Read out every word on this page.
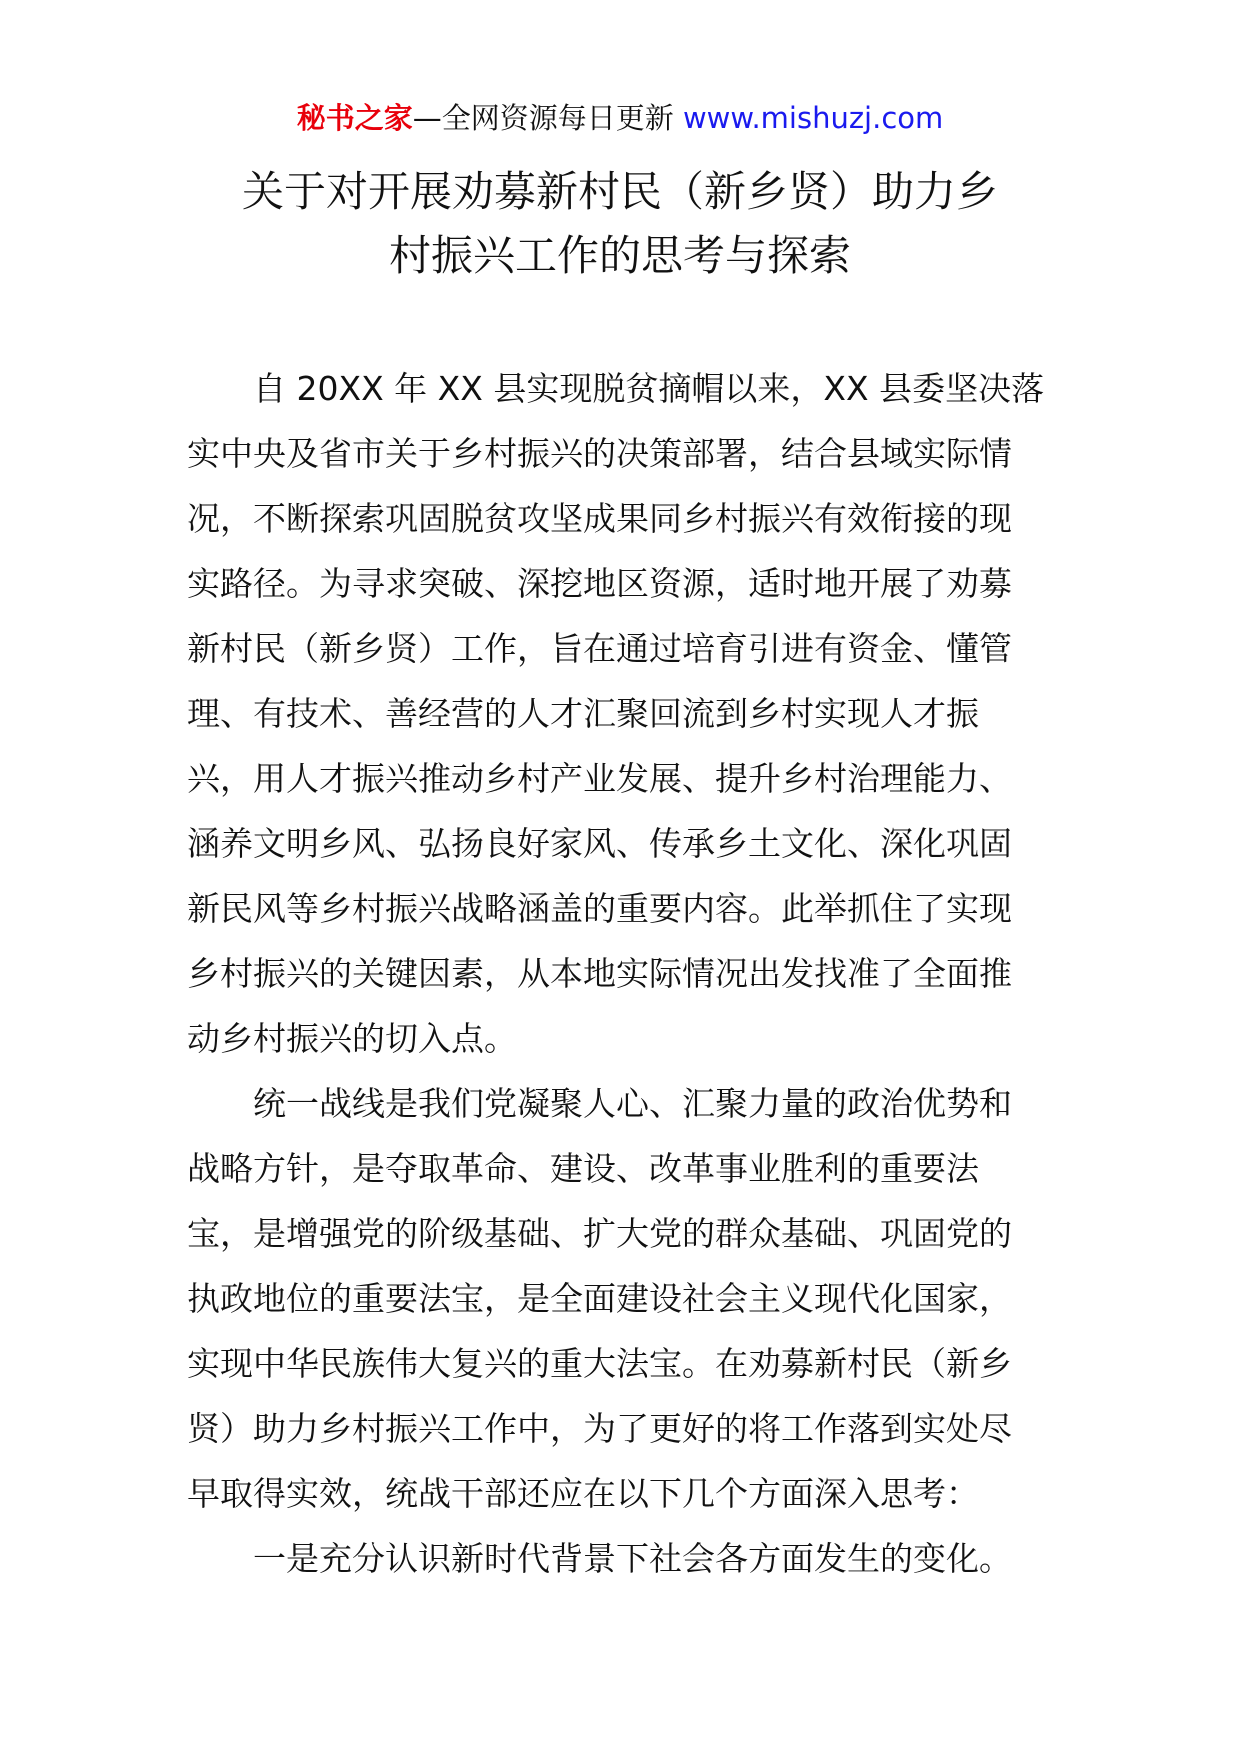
秘书之家—全网资源每日更新 www.mishuzj.com
关于对开展劝募新村民（新乡贤）助力乡
村振兴工作的思考与探索
自 20XX 年 XX 县实现脱贫摘帽以来，XX 县委坚决落
实中央及省市关于乡村振兴的决策部署，结合县域实际情
况，不断探索巩固脱贫攻坚成果同乡村振兴有效衔接的现
实路径。为寻求突破、深挖地区资源，适时地开展了劝募
新村民（新乡贤）工作，旨在通过培育引进有资金、懂管
理、有技术、善经营的人才汇聚回流到乡村实现人才振
兴，用人才振兴推动乡村产业发展、提升乡村治理能力、
涵养文明乡风、弘扬良好家风、传承乡土文化、深化巩固
新民风等乡村振兴战略涵盖的重要内容。此举抓住了实现
乡村振兴的关键因素，从本地实际情况出发找准了全面推
动乡村振兴的切入点。
统一战线是我们党凝聚人心、汇聚力量的政治优势和
战略方针，是夺取革命、建设、改革事业胜利的重要法
宝，是增强党的阶级基础、扩大党的群众基础、巩固党的
执政地位的重要法宝，是全面建设社会主义现代化国家，
实现中华民族伟大复兴的重大法宝。在劝募新村民（新乡
贤）助力乡村振兴工作中，为了更好的将工作落到实处尽
早取得实效，统战干部还应在以下几个方面深入思考：
一是充分认识新时代背景下社会各方面发生的变化。
